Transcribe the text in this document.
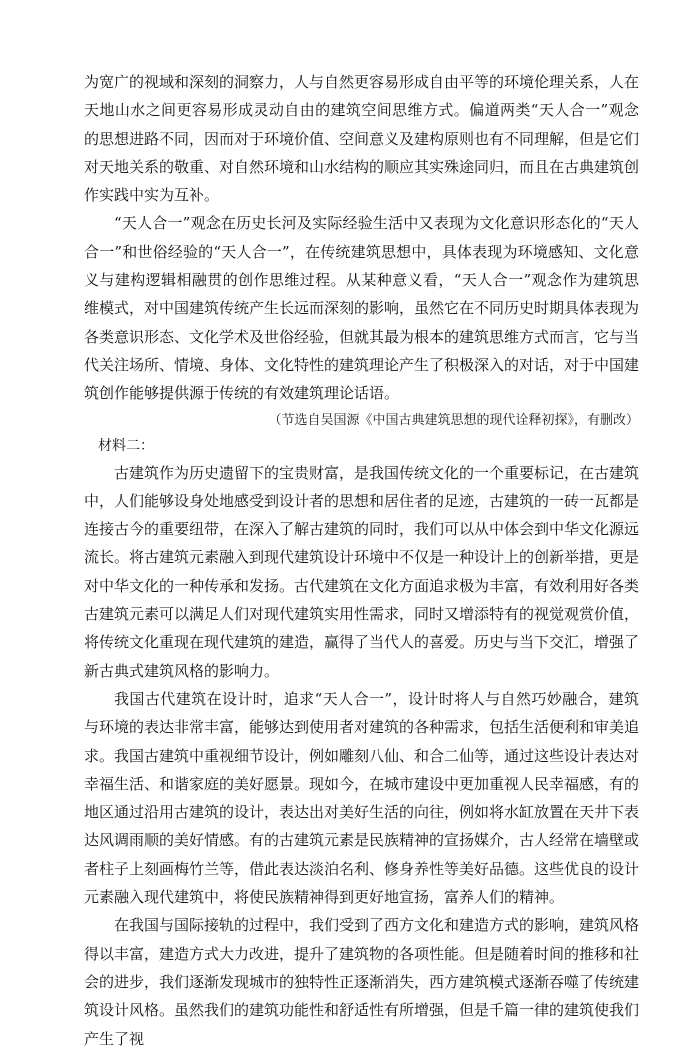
为宽广的视域和深刻的洞察力，人与自然更容易形成自由平等的环境伦理关系，人在天地山水之间更容易形成灵动自由的建筑空间思维方式。偏道两类“天人合一”观念的思想进路不同，因而对于环境价值、空间意义及建构原则也有不同理解，但是它们对天地关系的敬重、对自然环境和山水结构的顺应其实殊途同归，而且在古典建筑创作实践中实为互补。

“天人合一”观念在历史长河及实际经验生活中又表现为文化意识形态化的“天人合一”和世俗经验的“天人合一”，在传统建筑思想中，具体表现为环境感知、文化意义与建构逻辑相融贯的创作思维过程。从某种意义看，“天人合一”观念作为建筑思维模式，对中国建筑传统产生长远而深刻的影响，虽然它在不同历史时期具体表现为各类意识形态、文化学术及世俗经验，但就其最为根本的建筑思维方式而言，它与当代关注场所、情境、身体、文化特性的建筑理论产生了积极深入的对话，对于中国建筑创作能够提供源于传统的有效建筑理论话语。

（节选自吴国源《中国古典建筑思想的现代诠释初探》，有删改）

材料二：

古建筑作为历史遗留下的宝贵财富，是我国传统文化的一个重要标记，在古建筑中，人们能够设身处地感受到设计者的思想和居住者的足迹，古建筑的一砖一瓦都是连接古今的重要纽带，在深入了解古建筑的同时，我们可以从中体会到中华文化源远流长。将古建筑元素融入到现代建筑设计环境中不仅是一种设计上的创新举措，更是对中华文化的一种传承和发扬。古代建筑在文化方面追求极为丰富，有效利用好各类古建筑元素可以满足人们对现代建筑实用性需求，同时又增添特有的视觉观赏价值，将传统文化重现在现代建筑的建造，赢得了当代人的喜爱。历史与当下交汇，增强了新古典式建筑风格的影响力。

我国古代建筑在设计时，追求“天人合一”，设计时将人与自然巧妙融合，建筑与环境的表达非常丰富，能够达到使用者对建筑的各种需求，包括生活便利和审美追求。我国古建筑中重视细节设计，例如雕刻八仙、和合二仙等，通过这些设计表达对幸福生活、和谐家庭的美好愿景。现如今，在城市建设中更加重视人民幸福感，有的地区通过沿用古建筑的设计，表达出对美好生活的向往，例如将水缸放置在天井下表达风调雨顺的美好情感。有的古建筑元素是民族精神的宣扬媒介，古人经常在墙壁或者柱子上刻画梅竹兰等，借此表达淡泊名利、修身养性等美好品德。这些优良的设计元素融入现代建筑中，将使民族精神得到更好地宣扬，富养人们的精神。

在我国与国际接轨的过程中，我们受到了西方文化和建造方式的影响，建筑风格得以丰富，建造方式大力改进，提升了建筑物的各项性能。但是随着时间的推移和社会的进步，我们逐渐发现城市的独特性正逐渐消失，西方建筑模式逐渐吞噬了传统建筑设计风格。虽然我们的建筑功能性和舒适性有所增强，但是千篇一律的建筑使我们产生了视
